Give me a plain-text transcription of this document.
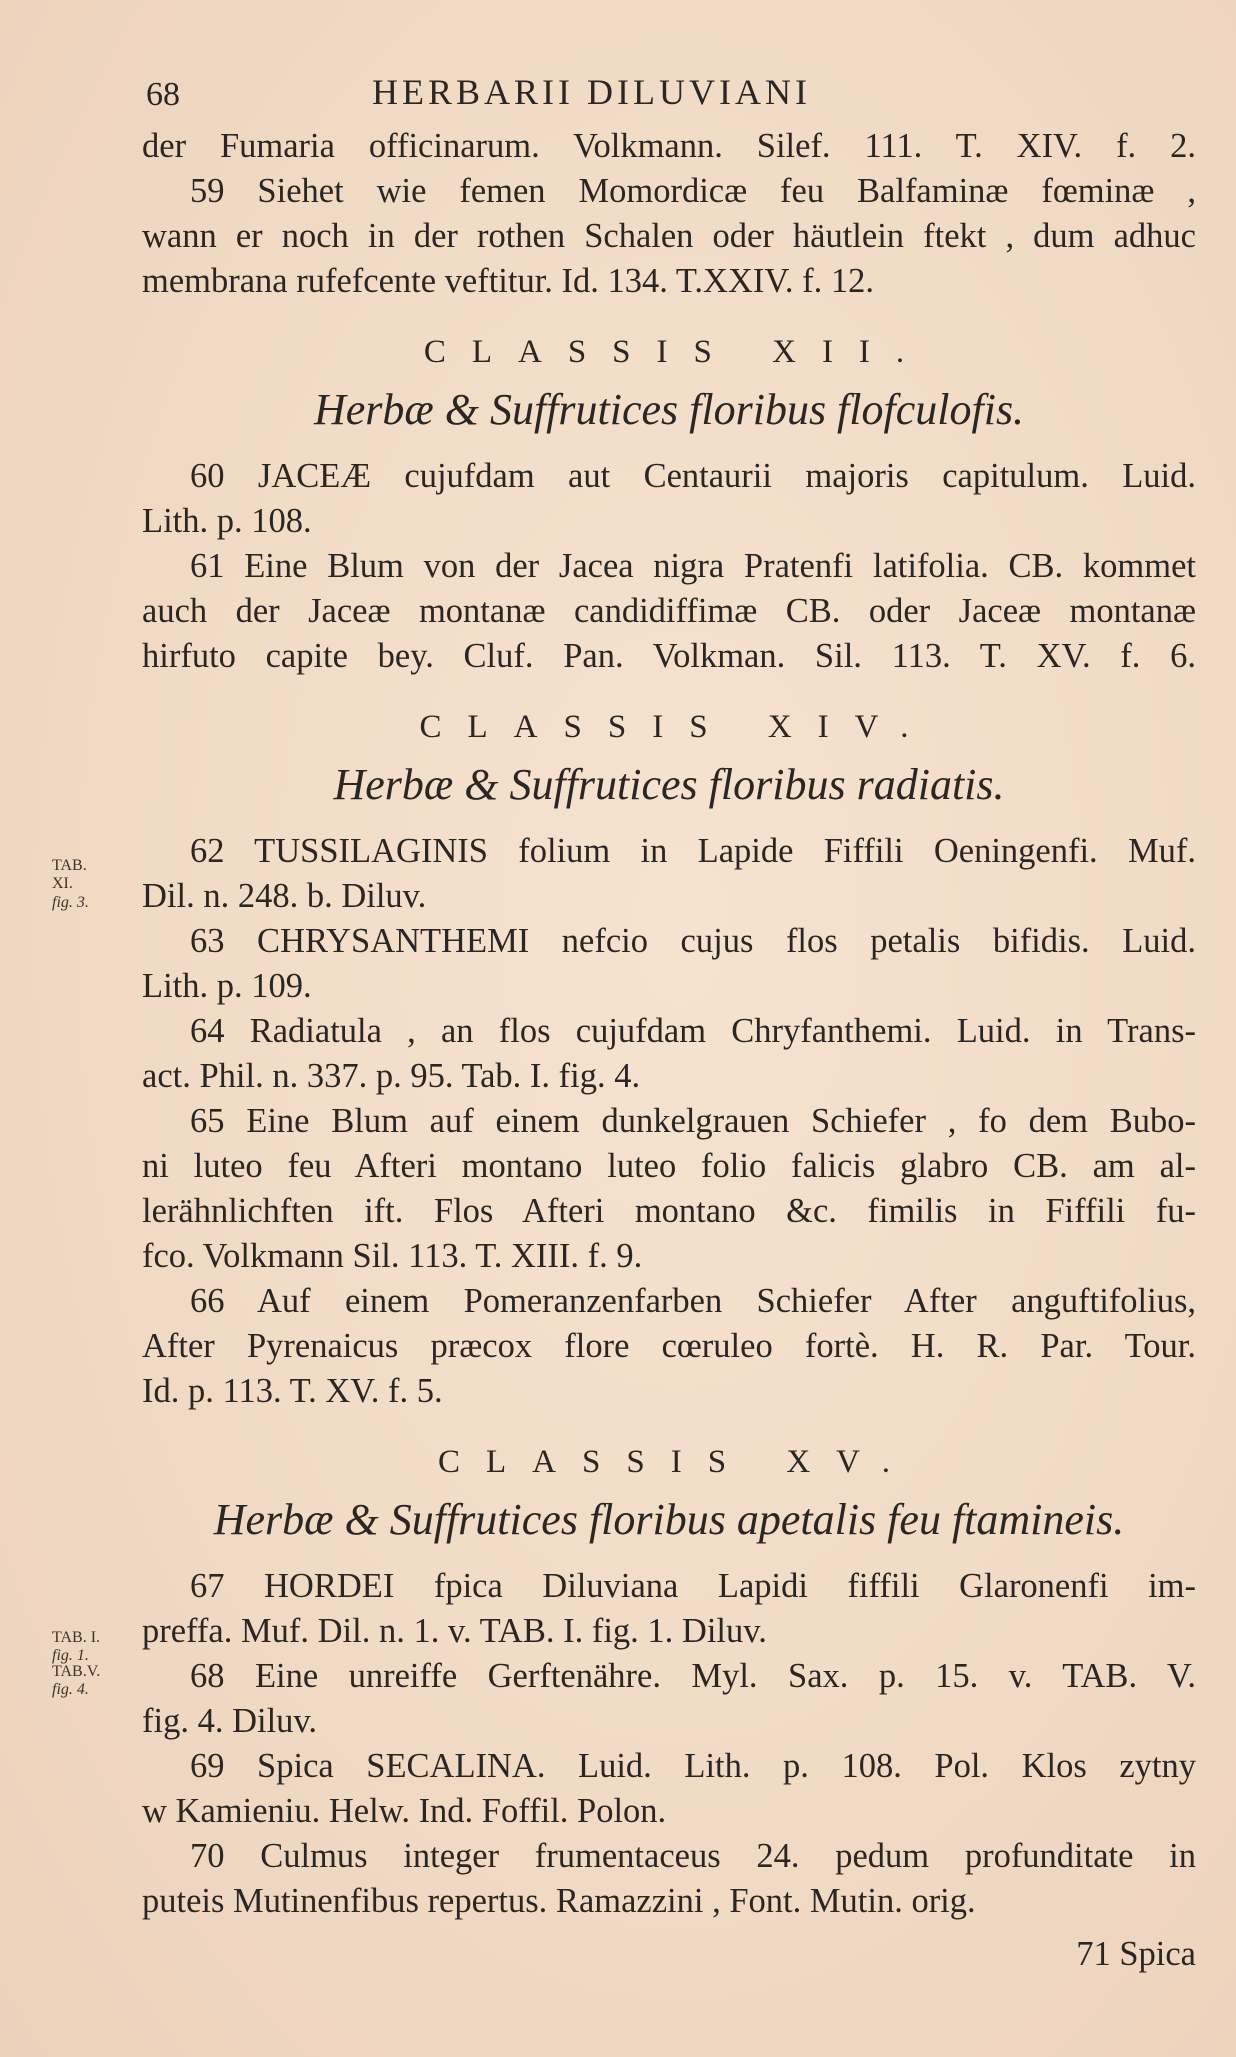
TAB.
XI.
fig. 3.
TAB. I.
fig. 1.
TAB.V.
fig. 4.
68	HERBARII DILUVIANI
der Fumaria officinarum. Volkmann. Silef. 111. T. XIV. f. 2.
59 Siehet wie femen Momordicæ feu Balfaminæ fœminæ ,
wann er noch in der rothen Schalen oder häutlein ftekt , dum adhuc
membrana rufefcente veftitur. Id. 134. T.XXIV. f. 12.
CLASSIS XII.
Herbæ & Suffrutices floribus flofculofis.
60 JACEÆ cujufdam aut Centaurii majoris capitulum. Luid.
Lith. p. 108.
61 Eine Blum von der Jacea nigra Pratenfi latifolia. CB. kommet
auch der Jaceæ montanæ candidiffimæ CB. oder Jaceæ montanæ
hirfuto capite bey. Cluf. Pan. Volkman. Sil. 113. T. XV. f. 6.
CLASSIS XIV.
Herbæ & Suffrutices floribus radiatis.
62 TUSSILAGINIS folium in Lapide Fiffili Oeningenfi. Muf.
Dil. n. 248. b. Diluv.
63 CHRYSANTHEMI nefcio cujus flos petalis bifidis. Luid.
Lith. p. 109.
64 Radiatula , an flos cujufdam Chryfanthemi. Luid. in Trans-
act. Phil. n. 337. p. 95. Tab. I. fig. 4.
65 Eine Blum auf einem dunkelgrauen Schiefer , fo dem Bubo-
ni luteo feu Afteri montano luteo folio falicis glabro CB. am al-
lerähnlichften ift. Flos Afteri montano &c. fimilis in Fiffili fu-
fco. Volkmann Sil. 113. T. XIII. f. 9.
66 Auf einem Pomeranzenfarben Schiefer After anguftifolius,
After Pyrenaicus præcox flore cœruleo fortè. H. R. Par. Tour.
Id. p. 113. T. XV. f. 5.
CLASSIS XV.
Herbæ & Suffrutices floribus apetalis feu ftamineis.
67 HORDEI fpica Diluviana Lapidi fiffili Glaronenfi im-
preffa. Muf. Dil. n. 1. v. TAB. I. fig. 1. Diluv.
68 Eine unreiffe Gerftenähre. Myl. Sax. p. 15. v. TAB. V.
fig. 4. Diluv.
69 Spica SECALINA. Luid. Lith. p. 108. Pol. Klos zytny
w Kamieniu. Helw. Ind. Foffil. Polon.
70 Culmus integer frumentaceus 24. pedum profunditate in
puteis Mutinenfibus repertus. Ramazzini , Font. Mutin. orig.
71 Spica
